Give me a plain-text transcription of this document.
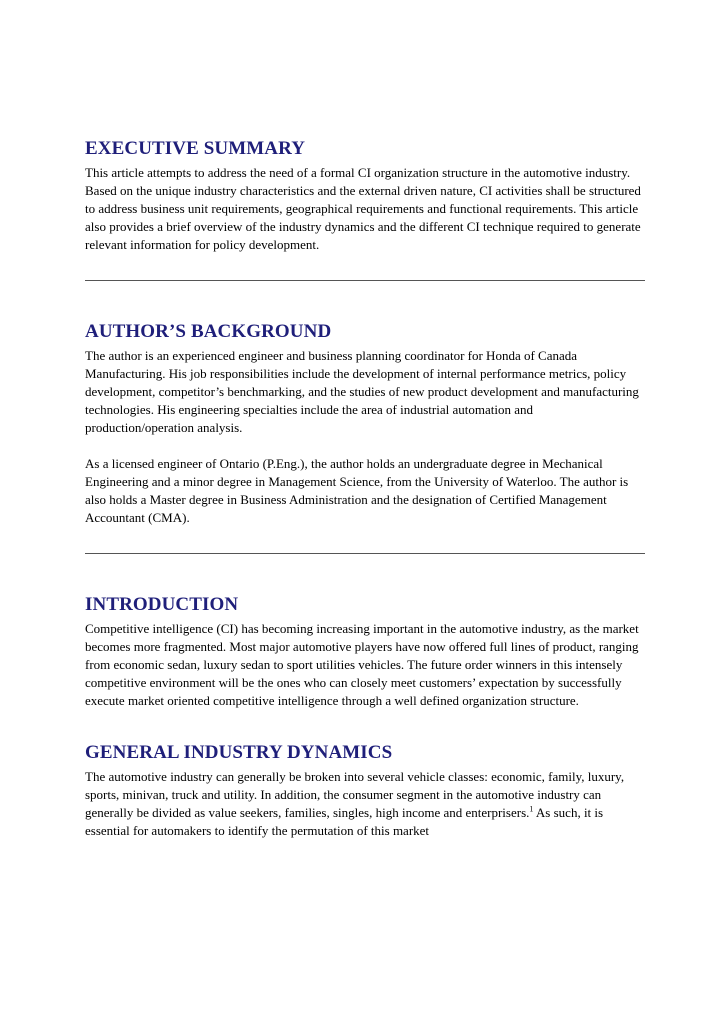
EXECUTIVE SUMMARY

This article attempts to address the need of a formal CI organization structure in the automotive industry. Based on the unique industry characteristics and the external driven nature, CI activities shall be structured to address business unit requirements, geographical requirements and functional requirements. This article also provides a brief overview of the industry dynamics and the different CI technique required to generate relevant information for policy development.

AUTHOR’S BACKGROUND

The author is an experienced engineer and business planning coordinator for Honda of Canada Manufacturing. His job responsibilities include the development of internal performance metrics, policy development, competitor’s benchmarking, and the studies of new product development and manufacturing technologies. His engineering specialties include the area of industrial automation and production/operation analysis.

As a licensed engineer of Ontario (P.Eng.), the author holds an undergraduate degree in Mechanical Engineering and a minor degree in Management Science, from the University of Waterloo. The author is also holds a Master degree in Business Administration and the designation of Certified Management Accountant (CMA).

INTRODUCTION

Competitive intelligence (CI) has becoming increasing important in the automotive industry, as the market becomes more fragmented. Most major automotive players have now offered full lines of product, ranging from economic sedan, luxury sedan to sport utilities vehicles. The future order winners in this intensely competitive environment will be the ones who can closely meet customers’ expectation by successfully execute market oriented competitive intelligence through a well defined organization structure.

GENERAL INDUSTRY DYNAMICS

The automotive industry can generally be broken into several vehicle classes: economic, family, luxury, sports, minivan, truck and utility. In addition, the consumer segment in the automotive industry can generally be divided as value seekers, families, singles, high income and enterprisers.$^1$ As such, it is essential for automakers to identify the permutation of this market
